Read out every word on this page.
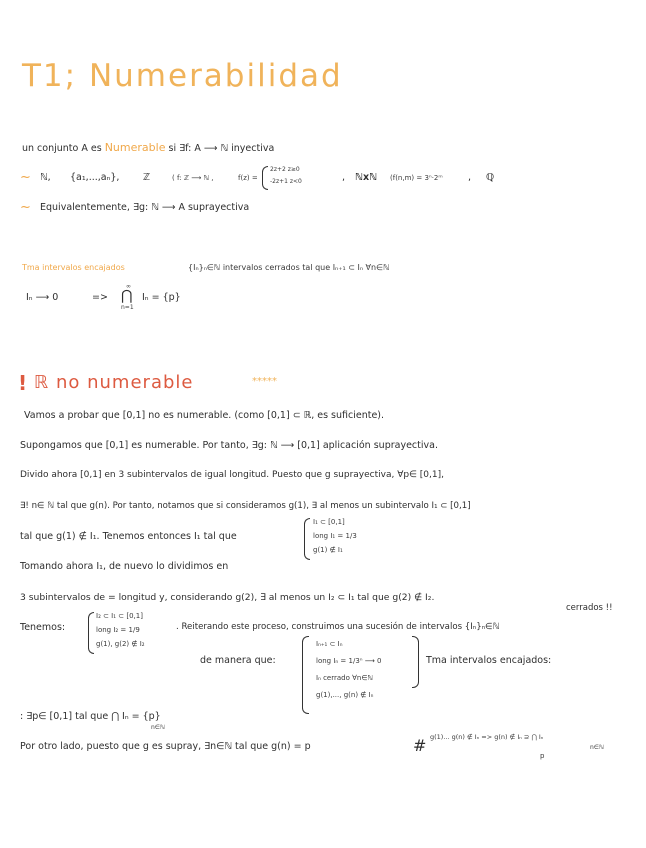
T1; Numerabilidad
un conjunto A es Numerable si ∃f: A ⟶ ℕ inyectiva
~ ℕ, {a₁,...,aₙ}, ℤ	( f: ℤ ⟶ ℕ ,	f(z) =
2z+2 z≥0
-2z+1 z<0	, ℕxℕ (f(n,m) = 3ⁿ·2ᵐ	, ℚ
~ Equivalentemente, ∃g: ℕ ⟶ A suprayectiva
Tma intervalos encajados	{Iₙ}ₙ∈ℕ intervalos cerrados tal que Iₙ₊₁ ⊂ Iₙ ∀n∈ℕ
Iₙ ⟶ 0	=>
∞
⋂
n=1
Iₙ = {p}
! ℝ no numerable	*****
Vamos a probar que [0,1] no es numerable. (como [0,1] ⊂ ℝ, es suficiente).
Supongamos que [0,1] es numerable. Por tanto, ∃g: ℕ ⟶ [0,1] aplicación suprayectiva.
Divido ahora [0,1] en 3 subintervalos de igual longitud. Puesto que g suprayectiva, ∀p∈ [0,1],
∃! n∈ ℕ tal que g(n). Por tanto, notamos que si consideramos g(1), ∃ al menos un subintervalo I₁ ⊂ [0,1]
tal que g(1) ∉ I₁. Tenemos entonces I₁ tal que
I₁ ⊂ [0,1]
long I₁ = 1/3
g(1) ∉ I₁
Tomando ahora I₁, de nuevo lo dividimos en
3 subintervalos de = longitud y, considerando g(2), ∃ al menos un I₂ ⊂ I₁ tal que g(2) ∉ I₂.
Tenemos:
I₂ ⊂ I₁ ⊂ [0,1]
long I₂ = 1/9
g(1), g(2) ∉ I₂
. Reiterando este proceso, construimos una sucesión de intervalos {Iₙ}ₙ∈ℕ
cerrados !!
de manera que:
Iₙ₊₁ ⊂ Iₙ
long Iₙ = 1/3ⁿ ⟶ 0
Iₙ cerrado ∀n∈ℕ
g(1),..., g(n) ∉ Iₙ
Tma intervalos encajados:
: ∃p∈ [0,1] tal que ⋂ Iₙ = {p}
n∈ℕ
Por otro lado, puesto que g es supray, ∃n∈ℕ tal que g(n) = p	# g(1)... g(n) ∉ Iₙ => g(n) ∉ Iₙ ⊇ ⋂ Iₙ
p
n∈ℕ
